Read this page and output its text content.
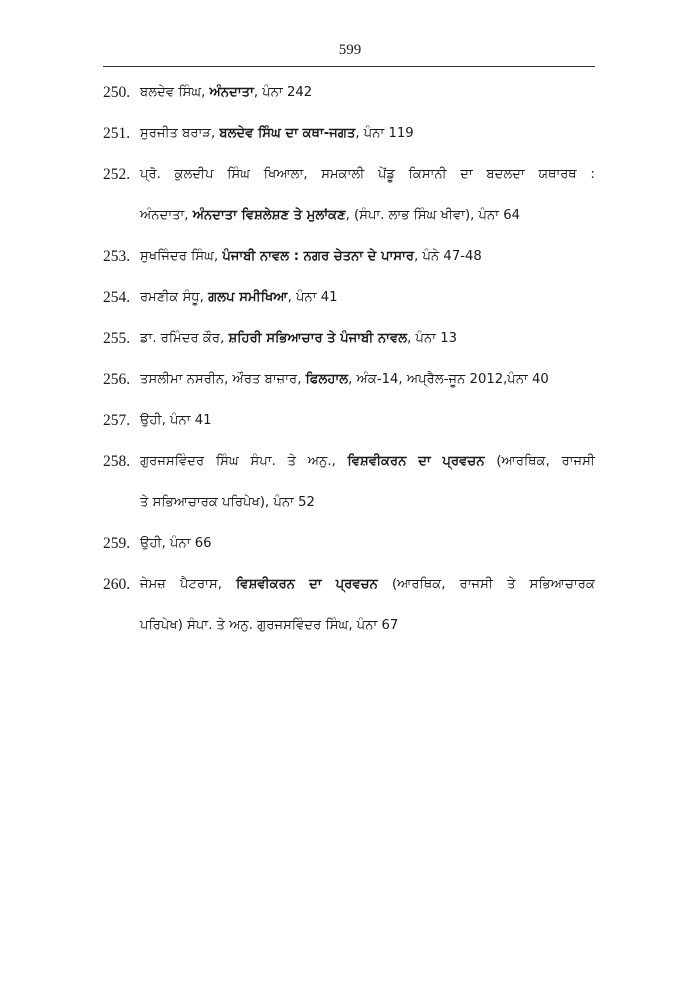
599
250. ਬਲਦੇਵ ਸਿੰਘ, ਅੰਨਦਾਤਾ, ਪੰਨਾ 242
251. ਸੁਰਜੀਤ ਬਰਾੜ, ਬਲਦੇਵ ਸਿੰਘ ਦਾ ਕਥਾ-ਜਗਤ, ਪੰਨਾ 119
252. ਪ੍ਰੋ. ਕੁਲਦੀਪ ਸਿੰਘ ਖਿਆਲਾ, ਸਮਕਾਲੀ ਪੇਂਡੂ ਕਿਸਾਨੀ ਦਾ ਬਦਲਦਾ ਯਥਾਰਥ :
ਅੰਨਦਾਤਾ, ਅੰਨਦਾਤਾ ਵਿਸ਼ਲੇਸ਼ਣ ਤੇ ਮੁਲਾਂਕਣ, (ਸੰਪਾ. ਲਾਭ ਸਿੰਘ ਖੀਵਾ), ਪੰਨਾ 64
253. ਸੁਖਜਿੰਦਰ ਸਿੰਘ, ਪੰਜਾਬੀ ਨਾਵਲ : ਨਗਰ ਚੇਤਨਾ ਦੇ ਪਾਸਾਰ, ਪੰਨੇ 47-48
254. ਰਮਣੀਕ ਸੰਧੂ, ਗਲਪ ਸਮੀਖਿਆ, ਪੰਨਾ 41
255. ਡਾ. ਰਮਿੰਦਰ ਕੌਰ, ਸ਼ਹਿਰੀ ਸਭਿਆਚਾਰ ਤੇ ਪੰਜਾਬੀ ਨਾਵਲ, ਪੰਨਾ 13
256. ਤਸਲੀਮਾ ਨਸਰੀਨ, ਔਰਤ ਬਾਜ਼ਾਰ, ਫਿਲਹਾਲ, ਅੰਕ-14, ਅਪ੍ਰੈਲ-ਜੂਨ 2012,ਪੰਨਾ 40
257. ਉਹੀ, ਪੰਨਾ 41
258. ਗੁਰਜਸਵਿੰਦਰ ਸਿੰਘ ਸੰਪਾ. ਤੇ ਅਨੁ., ਵਿਸ਼ਵੀਕਰਨ ਦਾ ਪ੍ਰਵਚਨ (ਆਰਥਿਕ, ਰਾਜਸੀ
ਤੇ ਸਭਿਆਚਾਰਕ ਪਰਿਪੇਖ), ਪੰਨਾ 52
259. ਉਹੀ, ਪੰਨਾ 66
260. ਜੇਮਜ਼ ਪੈਟਰਾਸ, ਵਿਸ਼ਵੀਕਰਨ ਦਾ ਪ੍ਰਵਚਨ (ਆਰਥਿਕ, ਰਾਜਸੀ ਤੇ ਸਭਿਆਚਾਰਕ
ਪਰਿਪੇਖ) ਸੰਪਾ. ਤੇ ਅਨੁ. ਗੁਰਜਸਵਿੰਦਰ ਸਿੰਘ, ਪੰਨਾ 67
